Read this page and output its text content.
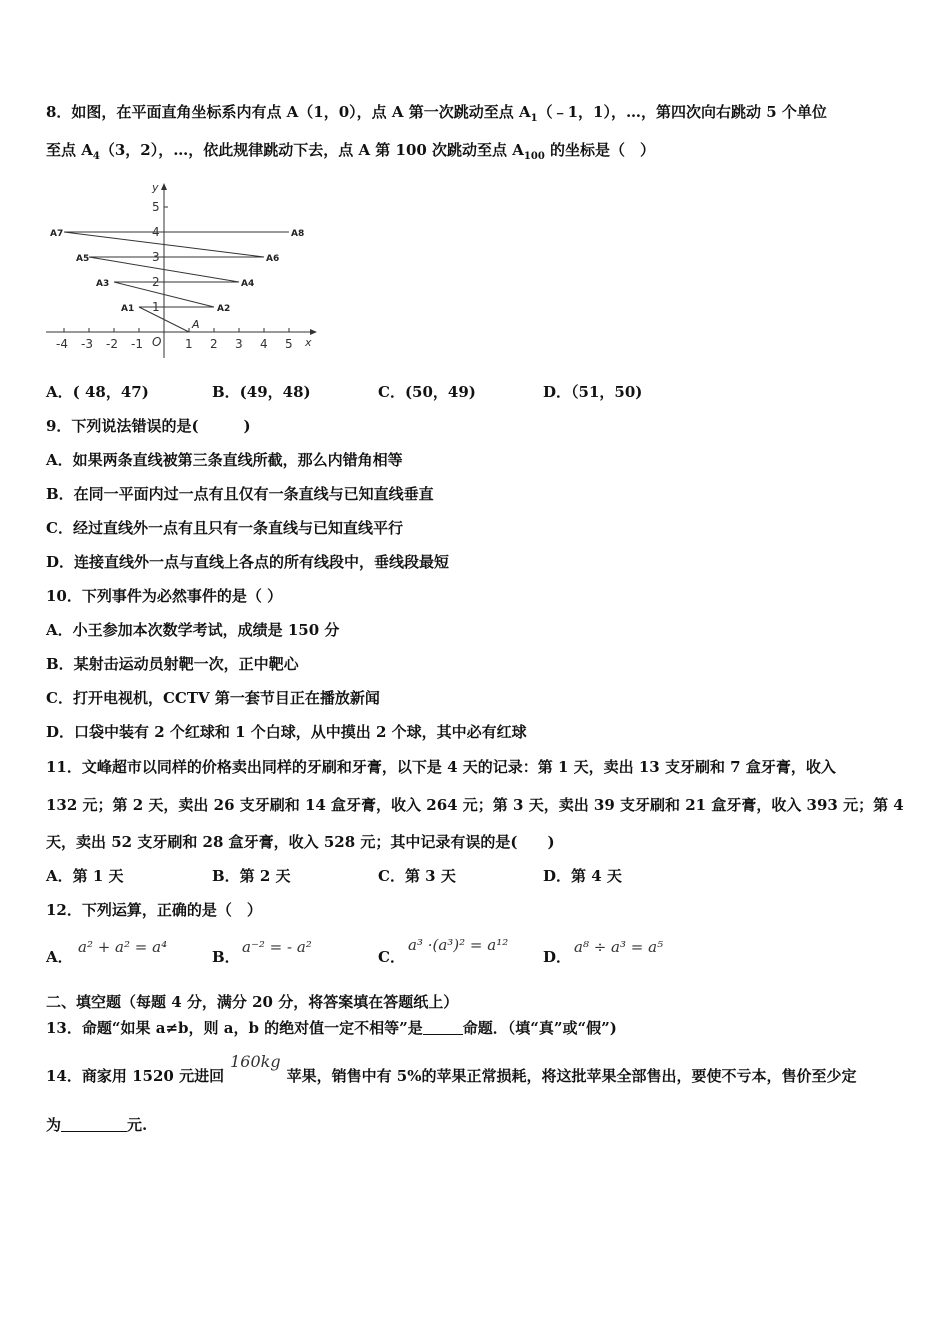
8．如图，在平面直角坐标系内有点 A（1，0），点 A 第一次跳动至点 $A_1(﹣1$，1），…，第四次向右跳动 5 个单位
至点 $A_4(3$，2），…，依此规律跳动下去，点 A 第 100 次跳动至点 $A_{100}$ 的坐标是（　）
x
y
-4 -3 -2 -1 O 1 2 3 4 5
1
2
3
4
5
A
A1	A2
A3	A4
A5	A6
A7	A8
A．( 48，47)	B．(49，48)	C．(50，49)	D．（51，50)
9．下列说法错误的是(　　　)
A．如果两条直线被第三条直线所截，那么内错角相等
B．在同一平面内过一点有且仅有一条直线与已知直线垂直
C．经过直线外一点有且只有一条直线与已知直线平行
D．连接直线外一点与直线上各点的所有线段中，垂线段最短
10．下列事件为必然事件的是（ ）
A．小王参加本次数学考试，成绩是 150 分
B．某射击运动员射靶一次，正中靶心
C．打开电视机，CCTV 第一套节目正在播放新闻
D．口袋中装有 2 个红球和 1 个白球，从中摸出 2 个球，其中必有红球
11．文峰超市以同样的价格卖出同样的牙刷和牙膏，以下是 4 天的记录：第 1 天，卖出 13 支牙刷和 7 盒牙膏，收入
132 元；第 2 天，卖出 26 支牙刷和 14 盒牙膏，收入 264 元；第 3 天，卖出 39 支牙刷和 21 盒牙膏，收入 393 元；第 4
天，卖出 52 支牙刷和 28 盒牙膏，收入 528 元；其中记录有误的是(　　)
A．第 1 天	B．第 2 天	C．第 3 天	D．第 4 天
12．下列运算，正确的是（　）
A．
a² + a² = a⁴
B．
a⁻² = - a²
C．
a³ ·(a³)² = a¹²
D．
a⁸ ÷ a³ = a⁵
二、填空题（每题 4 分，满分 20 分，将答案填在答题纸上）
13．命题“如果 a≠b，则 a，b 的绝对值一定不相等”是	命题．（填“真”或“假”)
14．商家用 1520 元进回160kg苹果，销售中有 5%的苹果正常损耗，将这批苹果全部售出，要使不亏本，售价至少定
为	元.
